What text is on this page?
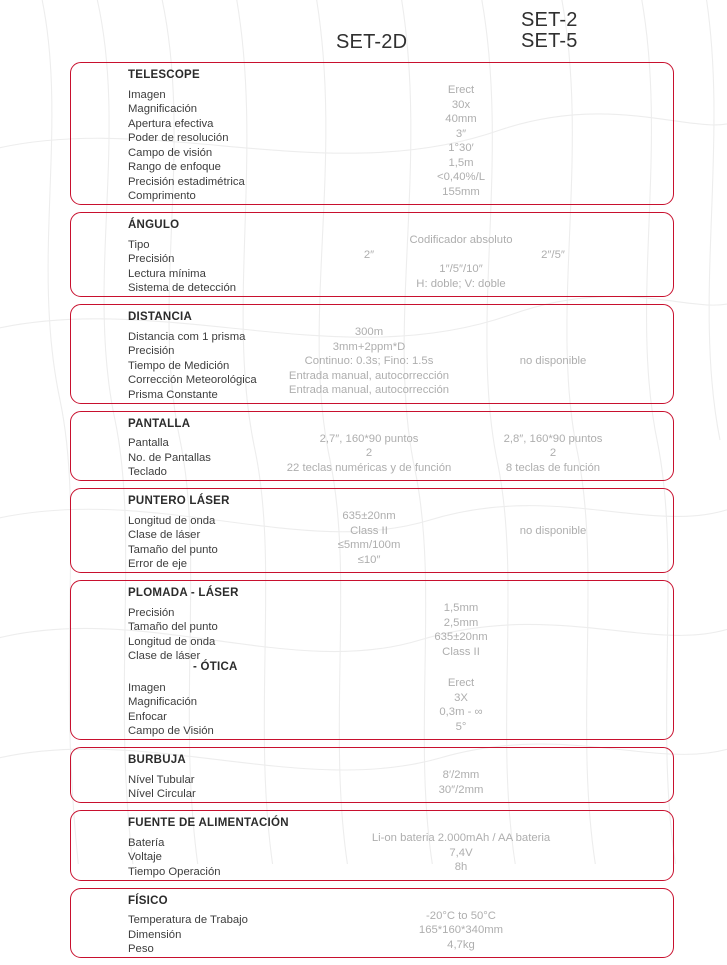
SET-2D
SET-2
SET-5
TELESCOPE
Imagen	Erect
Magnificación	30x
Apertura efectiva	40mm
Poder de resolución	3″
Campo de visión	1°30′
Rango de enfoque	1,5m
Precisión estadimétrica	<0,40%/L
Comprimento	155mm
ÁNGULO
Tipo	Codificador absoluto
Precisión	2″	2″/5″
Lectura mínima	1″/5″/10″
Sistema de detección	H: doble; V: doble
DISTANCIA
Distancia com 1 prisma	300m
Precisión	3mm+2ppm*D
Tiempo de Medición	Continuo: 0.3s; Fino: 1.5s	no disponible
Corrección Meteorológica	Entrada manual, autocorrección
Prisma Constante	Entrada manual, autocorrección
PANTALLA
Pantalla	2,7″, 160*90 puntos	2,8″, 160*90 puntos
No. de Pantallas	2	2
Teclado	22 teclas numéricas y de función	8 teclas de función
PUNTERO LÁSER
Longitud de onda	635±20nm
Clase de láser	Class II	no disponible
Tamaño del punto	≤5mm/100m
Error de eje	≤10″
PLOMADA - LÁSER
Precisión	1,5mm
Tamaño del punto	2,5mm
Longitud de onda	635±20nm
Clase de láser	Class II
- ÓTICA
Imagen	Erect
Magnificación	3X
Enfocar	0,3m - ∞
Campo de Visión	5°
BURBUJA
Nível Tubular	8′/2mm
Nível Circular	30″/2mm
FUENTE DE ALIMENTACIÓN
Batería	Li-on bateria 2.000mAh / AA bateria
Voltaje	7,4V
Tiempo Operación	8h
FÍSICO
Temperatura de Trabajo	-20°C to 50°C
Dimensión	165*160*340mm
Peso	4,7kg
